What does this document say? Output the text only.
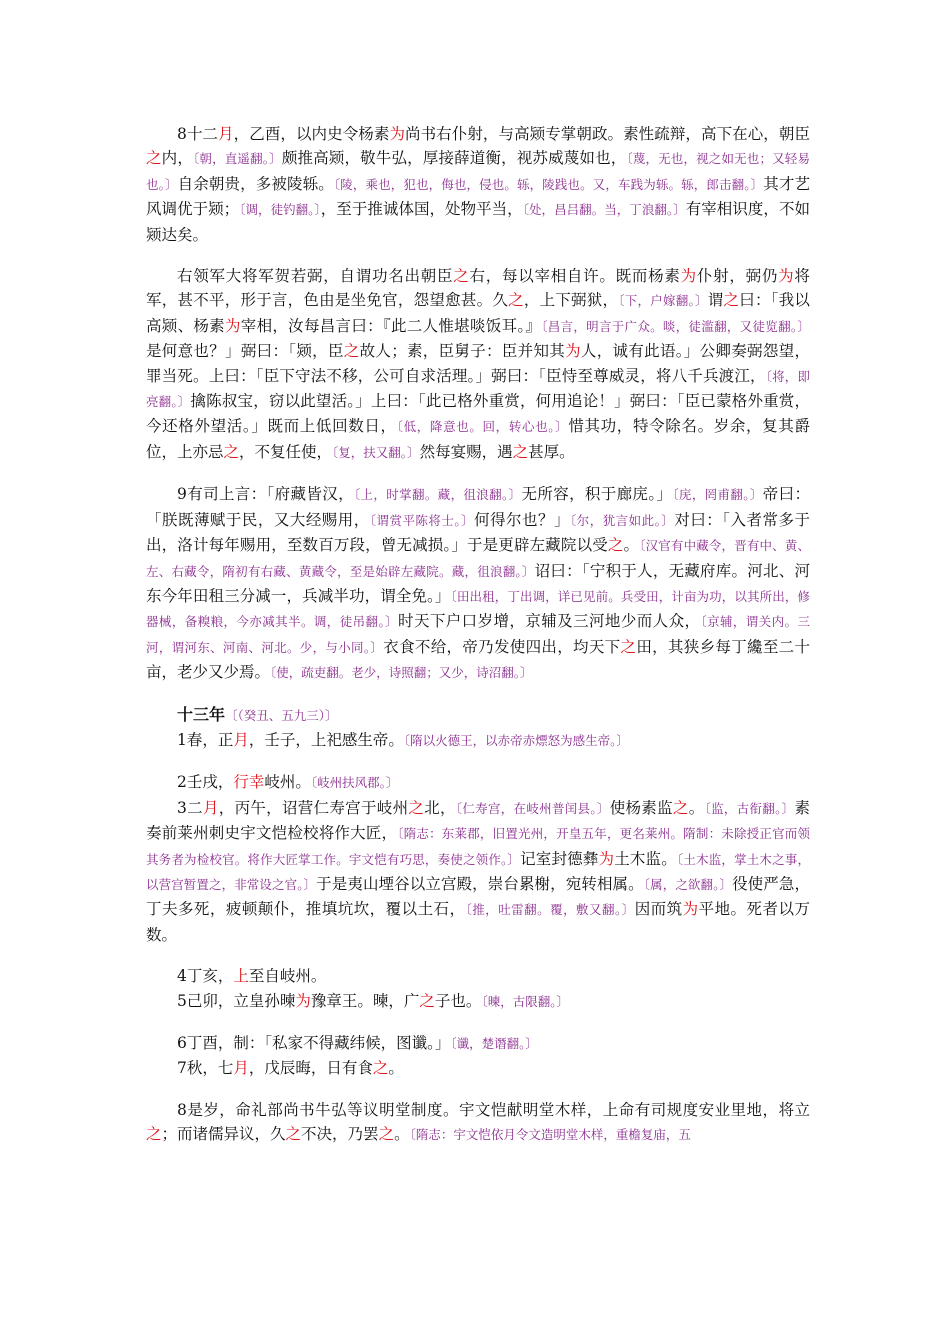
8十二月，乙酉，以内史令杨素为尚书右仆射，与高颎专掌朝政。素性疏辩，高下在心，朝臣之内，〔朝，直遥翻。〕颇推高颎，敬牛弘，厚接薛道衡，视苏威蔑如也，〔蔑，无也，视之如无也；又轻易也。〕自余朝贵，多被陵轹。〔陵，乘也，犯也，侮也，侵也。轹，陵践也。又，车践为轹。轹，郎击翻。〕其才艺风调优于颎；〔调，徒钓翻。〕，至于推诚体国，处物平当，〔处，昌吕翻。当，丁浪翻。〕有宰相识度，不如颎达矣。
右领军大将军贺若弼，自谓功名出朝臣之右，每以宰相自许。既而杨素为仆射，弼仍为将军，甚不平，形于言，色由是坐免官，怨望愈甚。久之，上下弼狱，〔下，户嫁翻。〕谓之曰：「我以高颎、杨素为宰相，汝每昌言曰：『此二人惟堪啖饭耳。』〔昌言，明言于广众。啖，徒滥翻，又徒览翻。〕是何意也？」弼曰：「颎，臣之故人；素，臣舅子：臣并知其为人，诚有此语。」公卿奏弼怨望，罪当死。上曰：「臣下守法不移，公可自求活理。」弼曰：「臣恃至尊威灵，将八千兵渡江，〔将，即亮翻。〕擒陈叔宝，窃以此望活。」上曰：「此已格外重赏，何用追论！」弼曰：「臣已蒙格外重赏，今还格外望活。」既而上低回数日，〔低，降意也。回，转心也。〕惜其功，特令除名。岁余，复其爵位，上亦忌之，不复任使，〔复，扶又翻。〕然每宴赐，遇之甚厚。
9有司上言：「府藏皆汉，〔上，时掌翻。藏，徂浪翻。〕无所容，积于廊庑。」〔庑，罔甫翻。〕帝曰：「朕既薄赋于民，又大经赐用，〔谓赏平陈将士。〕何得尔也？」〔尔，犹言如此。〕对曰：「入者常多于出，洛计每年赐用，至数百万段，曾无减损。」于是更辟左藏院以受之。〔汉官有中藏令，晋有中、黄、左、右藏令，隋初有右藏、黄藏令，至是始辟左藏院。藏，徂浪翻。〕诏曰：「宁积于人，无藏府库。河北、河东今年田租三分减一，兵减半功，谓全免。」〔田出租，丁出调，详已见前。兵受田，计亩为功，以其所出，修器械，备糗粮，今亦减其半。调，徒吊翻。〕时天下户口岁增，京辅及三河地少而人众，〔京辅，谓关内。三河，谓河东、河南、河北。少，与小同。〕衣食不给，帝乃发使四出，均天下之田，其狭乡每丁纔至二十亩，老少又少焉。〔使，疏吏翻。老少，诗照翻；又少，诗沼翻。〕
十三年〔（癸丑、五九三）〕
1春，正月，壬子，上祀感生帝。〔隋以火德王，以赤帝赤熛怒为感生帝。〕
2壬戌，行幸岐州。〔岐州扶风郡。〕
3二月，丙午，诏营仁寿宫于岐州之北，〔仁寿宫，在岐州普闰县。〕使杨素监之。〔监，古衔翻。〕素奏前莱州刺史宇文恺检校将作大匠，〔隋志：东莱郡，旧置光州，开皇五年，更名莱州。隋制：未除授正官而领其务者为检校官。将作大匠掌工作。宇文恺有巧思，奏使之领作。〕记室封德彝为土木监。〔土木监，掌土木之事，以营宫暂置之，非常设之官。〕于是夷山堙谷以立宫殿，崇台累榭，宛转相属。〔属，之欲翻。〕役使严急，丁夫多死，疲顿颠仆，推填坑坎，覆以土石，〔推，吐雷翻。覆，敷又翻。〕因而筑为平地。死者以万数。
4丁亥，上至自岐州。
5己卯，立皇孙暕为豫章王。暕，广之子也。〔暕，古限翻。〕
6丁酉，制：「私家不得藏纬候，图谶。」〔谶，楚谮翻。〕
7秋，七月，戊辰晦，日有食之。
8是岁，命礼部尚书牛弘等议明堂制度。宇文恺献明堂木样，上命有司规度安业里地，将立之；而诸儒异议，久之不决，乃罢之。〔隋志：宇文恺依月令文造明堂木样，重檐复庙，五
